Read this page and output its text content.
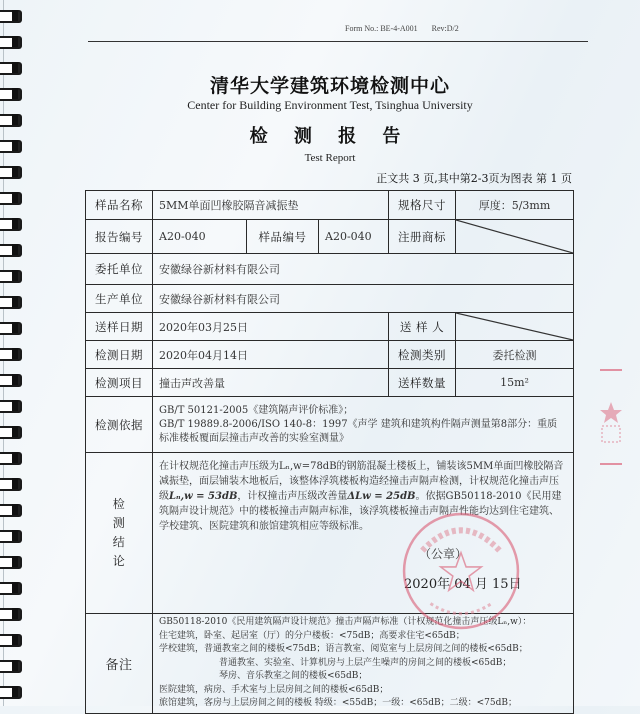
Form No.: BE-4-A001 Rev:D/2
清华大学建筑环境检测中心
Center for Building Environment Test, Tsinghua University
检 测 报 告
Test Report
正文共 3 页,其中第2-3页为图表 第 1 页
样品名称	5MM单面凹橡胶隔音减振垫			规格尺寸	厚度：5/3mm
报告编号	A20-040	样品编号	A20-040	注册商标	

委托单位	安徽绿谷新材料有限公司				
生产单位	安徽绿谷新材料有限公司				
送样日期	2020年03月25日			送 样 人	

检测日期	2020年04月14日			检测类别	委托检测
检测项目	撞击声改善量			送样数量	15m²
检测依据	GB/T 50121-2005《建筑隔声评价标准》；
GB/T 19889.8-2006/ISO 140-8：1997《声学 建筑和建筑构件隔声测量第8部分：重质标准楼板覆面层撞击声改善的实验室测量》				

检
测
结
论

在计权规范化撞击声压级为Lₙ,w=78dB的钢筋混凝土楼板上，铺装该5MM单面凹橡胶隔音减振垫，面层铺装木地板后，该整体浮筑楼板构造经撞击声隔声检测，计权规范化撞击声压级Lₙ,w = 53dB，计权撞击声压级改善量ΔLw = 25dB。依据GB50118-2010《民用建筑隔声设计规范》中的楼板撞击声隔声标准，该浮筑楼板撞击声隔声性能均达到住宅建筑、学校建筑、医院建筑和旅馆建筑相应等级标准。

（公章）
2020年 04 月 15日

备注	
GB50118-2010《民用建筑隔声设计规范》撞击声隔声标准（计权规范化撞击声压级Lₙ,w）：
住宅建筑，卧室、起居室（厅）的分户楼板：<75dB；高要求住宅<65dB；
学校建筑，普通教室之间的楼板<75dB；语言教室、阅览室与上层房间之间的楼板<65dB；
普通教室、实验室、计算机房与上层产生噪声的房间之间的楼板<65dB；
琴房、音乐教室之间的楼板<65dB；
医院建筑，病房、手术室与上层房间之间的楼板<65dB；
旅馆建筑，客房与上层房间之间的楼板 特级：<55dB；一级：<65dB；二级：<75dB；
